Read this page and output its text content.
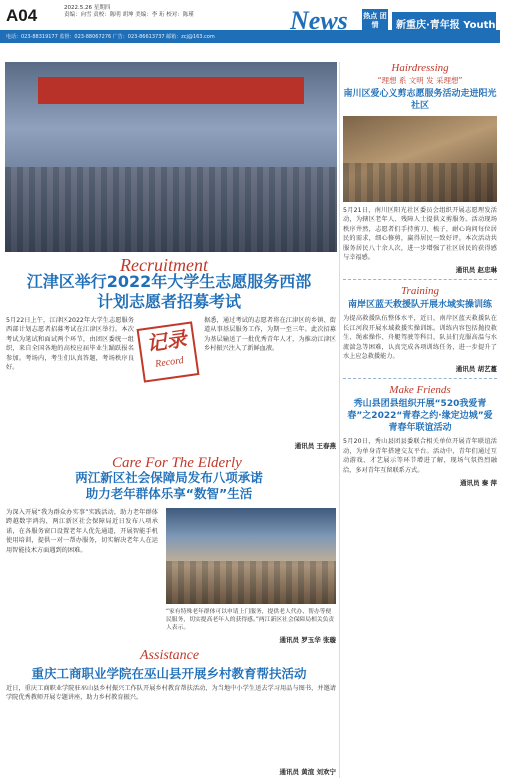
A04	2022.5.26 星期四
责编：向雪 责校：陈明 胡坤 美编：李 珩 校对：陈瑾
电话：023-88319177 监督：023-88067276 广告：023-86613737 邮箱：zcj@163.com
News 热点 团情	新重庆·青年报 YouthNews
Recruitment
江津区举行2022年大学生志愿服务西部
计划志愿者招募考试
5月22日上午，江津区2022年大学生志愿服务西部计划志愿者招募考试在江津区举行。本次考试为笔试和面试两个环节，由团区委统一组织，来自全国各地的高校应届毕业生踊跃报名参加。考场内，考生们认真答题，考场秩序良好。
记录
Record
据悉，通过考试的志愿者将在江津区的乡镇、街道从事基层服务工作，为期一至三年。此次招募为基层输送了一批优秀青年人才，为推动江津区乡村振兴注入了新鲜血液。
通讯员 王春燕
Care For The Elderly
两江新区社会保障局发布八项承诺
助力老年群体乐享“数智”生活
为深入开展“我为群众办实事”实践活动，助力老年群体跨越数字鸿沟，两江新区社会保障局近日发布八项承诺，在各服务窗口设置老年人优先通道，开展智能手机使用培训，提供一对一帮办服务，切实解决老年人在运用智能技术方面遇到的困难。
“家有特殊老年群体可以申请上门服务，提供老人代办、帮办等便民服务，切实提高老年人的获得感。”两江新区社会保障局相关负责人表示。
通讯员 罗玉华 张璇
Assistance
重庆工商职业学院在巫山县开展乡村教育帮扶活动
近日，重庆工商职业学院驻巫山县乡村振兴工作队开展乡村教育帮扶活动，为当地中小学生送去学习用品与图书，并邀请学院优秀教师开展专题讲座，助力乡村教育振兴。
通讯员 黄渲 刘欢宁
Hairdressing
“理想 系 文明 发 采理想”
南川区爱心义剪志愿服务活动走进阳光社区
5月21日，南川区阳光社区委员会组织开展志愿理发活动，为辖区老年人、残障人士提供义剪服务。活动现场秩序井然，志愿者们手持剪刀、梳子，耐心询问每位居民的需求，细心修剪，赢得居民一致好评。本次活动共服务居民八十余人次，进一步增强了社区居民的获得感与幸福感。
通讯员 赵忠琳
Training
南岸区蓝天救援队开展水域实操训练
为提高救援队伍整体水平，近日，南岸区蓝天救援队在长江河段开展水域救援实操训练。训练内容包括抛投救生、绳索操作、舟艇驾驶等科目，队员们克服高温与水流湍急等困难，认真完成各项训练任务，进一步提升了水上应急救援能力。
通讯员 胡艺蔓
Make Friends
秀山县团县组织开展“520我爱青春”之2022“青春之约·缘定边城”爱青春年联谊活动
5月20日，秀山县团县委联合相关单位开展青年联谊活动，为单身青年搭建交友平台。活动中，青年们通过互动游戏、才艺展示等环节增进了解，现场气氛热烈融洽，多对青年互留联系方式。
通讯员 秦 萍
